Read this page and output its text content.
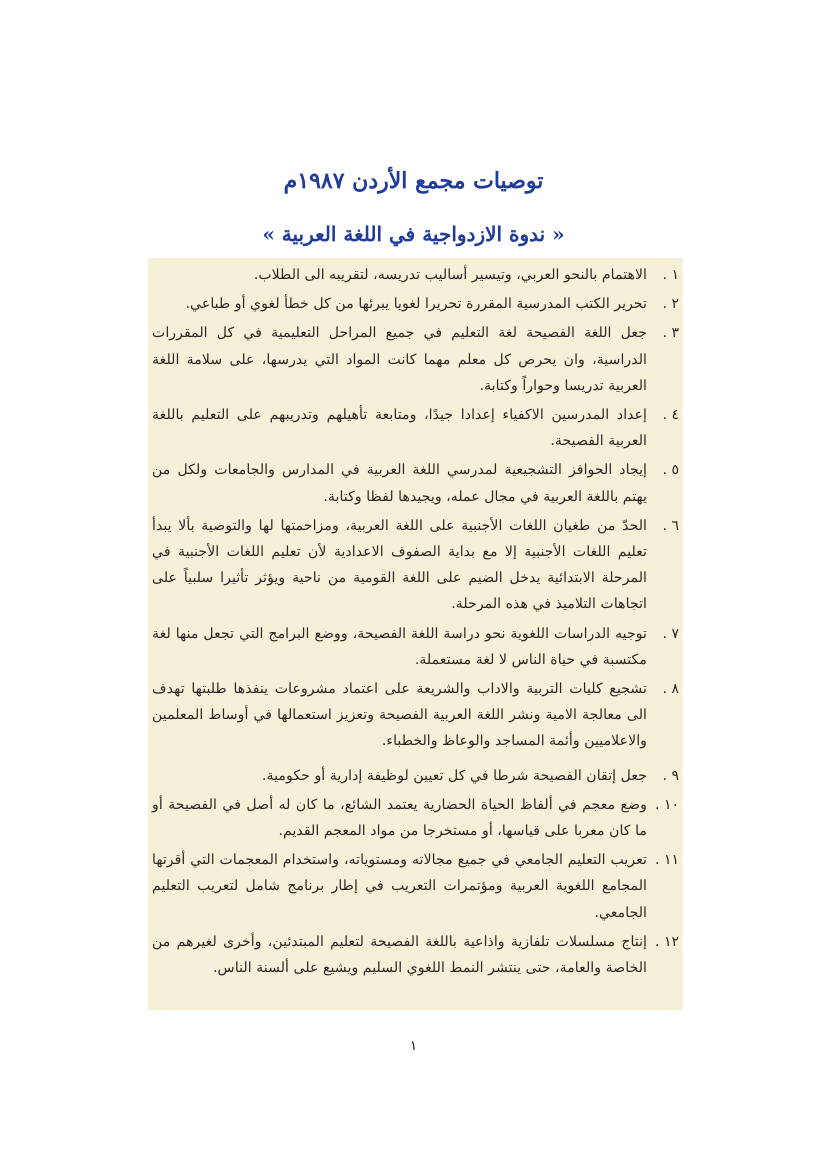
توصيات مجمع الأردن ١٩٨٧م
« ندوة الازدواجية في اللغة العربية »
١ .
الاهتمام بالنحو العربي، وتيسير أساليب تدريسه، لتقريبه الى الطلاب.
٢ .
تحرير الكتب المدرسية المقررة تحريرا لغويا يبرئها من كل خطأ لغوي أو طباعي.
٣ .
جعل اللغة الفصيحة لغة التعليم في جميع المراحل التعليمية في كل المقررات الدراسية، وان يحرص كل معلم مهما كانت المواد التي يدرسها، على سلامة اللغة العربية تدريسا وحواراً وكتابة.
٤ .
إعداد المدرسين الاكفياء إعدادا جيدًا، ومتابعة تأهيلهم وتدريبهم على التعليم باللغة العربية الفصيحة.
٥ .
إيجاد الحوافز التشجيعية لمدرسي اللغة العربية في المدارس والجامعات ولكل من يهتم باللغة العربية في مجال عمله، ويجيدها لفظا وكتابة.
٦ .
الحدّ من طغيان اللغات الأجنبية على اللغة العربية، ومزاحمتها لها والتوصية بألا يبدأ تعليم اللغات الأجنبية إلا مع بداية الصفوف الاعدادية لأن تعليم اللغات الأجنبية في المرحلة الابتدائية يدخل الضيم على اللغة القومية من ناحية ويؤثر تأثيرا سلبياً على اتجاهات التلاميذ في هذه المرحلة.
٧ .
توجيه الدراسات اللغوية نحو دراسة اللغة الفصيحة، ووضع البرامج التي تجعل منها لغة مكتسبة في حياة الناس لا لغة مستعملة.
٨ .
تشجيع كليات التربية والاداب والشريعة على اعتماد مشروعات ينفذها طلبتها تهدف الى معالجة الامية ونشر اللغة العربية الفصيحة وتعزيز استعمالها في أوساط المعلمين والاعلاميين وأئمة المساجد والوعاظ والخطباء.
٩ .
جعل إتقان الفصيحة شرطا في كل تعيين لوظيفة إدارية أو حكومية.
١٠ .
وضع معجم في ألفاظ الحياة الحضارية يعتمد الشائع، ما كان له أصل في الفصيحة أو ما كان معربا على قياسها، أو مستخرجا من مواد المعجم القديم.
١١ .
تعريب التعليم الجامعي في جميع مجالاته ومستوياته، واستخدام المعجمات التي أقرتها المجامع اللغوية العربية ومؤتمرات التعريب في إطار برنامج شامل لتعريب التعليم الجامعي.
١٢ .
إنتاج مسلسلات تلفازية واذاعية باللغة الفصيحة لتعليم المبتدئين، وأخرى لغيرهم من الخاصة والعامة، حتى ينتشر النمط اللغوي السليم ويشيع على ألسنة الناس.
١
